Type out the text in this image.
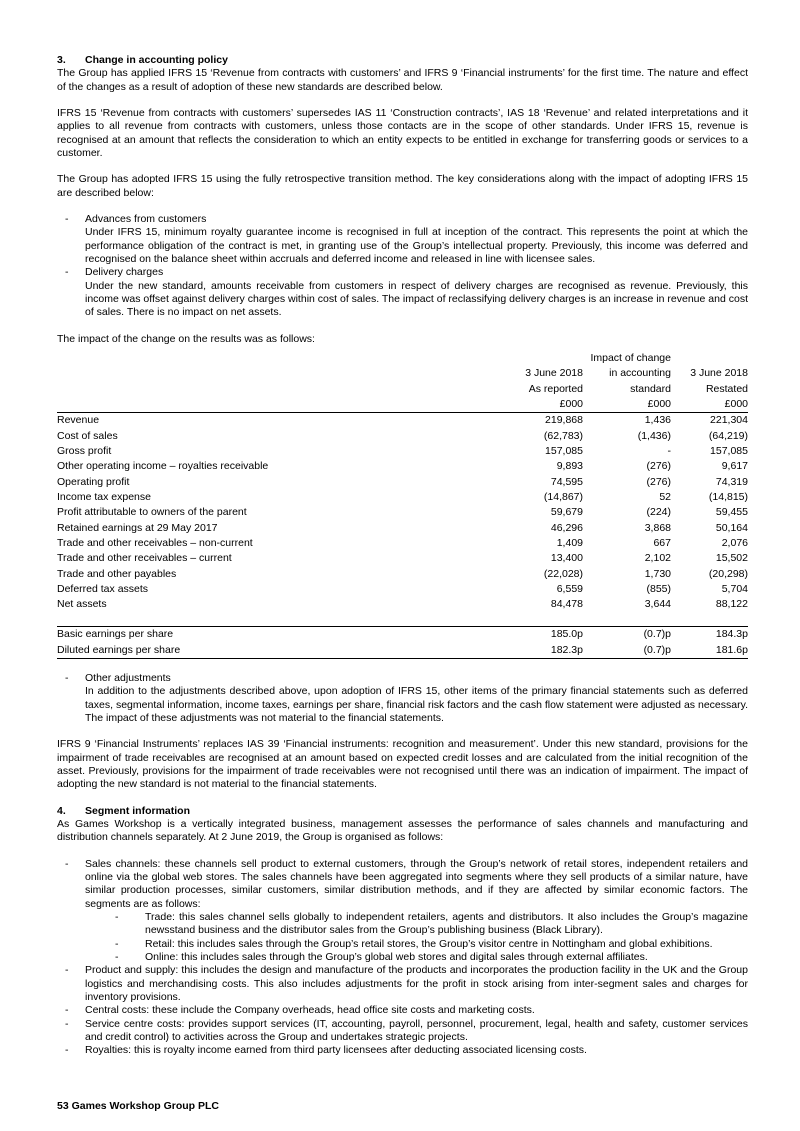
3.	Change in accounting policy

The Group has applied IFRS 15 ‘Revenue from contracts with customers’ and IFRS 9 ‘Financial instruments’ for the first time. The nature and effect of the changes as a result of adoption of these new standards are described below.

IFRS 15 ‘Revenue from contracts with customers’ supersedes IAS 11 ‘Construction contracts’, IAS 18 ‘Revenue’ and related interpretations and it applies to all revenue from contracts with customers, unless those contacts are in the scope of other standards. Under IFRS 15, revenue is recognised at an amount that reflects the consideration to which an entity expects to be entitled in exchange for transferring goods or services to a customer.

The Group has adopted IFRS 15 using the fully retrospective transition method. The key considerations along with the impact of adopting IFRS 15 are described below:

-	Advances from customers
Under IFRS 15, minimum royalty guarantee income is recognised in full at inception of the contract. This represents the point at which the performance obligation of the contract is met, in granting use of the Group’s intellectual property. Previously, this income was deferred and recognised on the balance sheet within accruals and deferred income and released in line with licensee sales.
-	Delivery charges
Under the new standard, amounts receivable from customers in respect of delivery charges are recognised as revenue. Previously, this income was offset against delivery charges within cost of sales. The impact of reclassifying delivery charges is an increase in revenue and cost of sales. There is no impact on net assets.

The impact of the change on the results was as follows:

		Impact of change	
	3 June 2018	in accounting	3 June 2018
	As reported	standard	Restated
	£000	£000	£000
Revenue	219,868	1,436	221,304
Cost of sales	(62,783)	(1,436)	(64,219)
Gross profit	157,085	-	157,085
Other operating income – royalties receivable	9,893	(276)	9,617
Operating profit	74,595	(276)	74,319
Income tax expense	(14,867)	52	(14,815)
Profit attributable to owners of the parent	59,679	(224)	59,455
Retained earnings at 29 May 2017	46,296	3,868	50,164
Trade and other receivables – non-current	1,409	667	2,076
Trade and other receivables – current	13,400	2,102	15,502
Trade and other payables	(22,028)	1,730	(20,298)
Deferred tax assets	6,559	(855)	5,704
Net assets	84,478	3,644	88,122

Basic earnings per share	185.0p	(0.7)p	184.3p
Diluted earnings per share	182.3p	(0.7)p	181.6p
-	Other adjustments
In addition to the adjustments described above, upon adoption of IFRS 15, other items of the primary financial statements such as deferred taxes, segmental information, income taxes, earnings per share, financial risk factors and the cash flow statement were adjusted as necessary. The impact of these adjustments was not material to the financial statements.

IFRS 9 ‘Financial Instruments’ replaces IAS 39 ‘Financial instruments: recognition and measurement’. Under this new standard, provisions for the impairment of trade receivables are recognised at an amount based on expected credit losses and are calculated from the initial recognition of the asset. Previously, provisions for the impairment of trade receivables were not recognised until there was an indication of impairment. The impact of adopting the new standard is not material to the financial statements.

4.	Segment information

As Games Workshop is a vertically integrated business, management assesses the performance of sales channels and manufacturing and distribution channels separately. At 2 June 2019, the Group is organised as follows:

-	Sales channels: these channels sell product to external customers, through the Group’s network of retail stores, independent retailers and online via the global web stores. The sales channels have been aggregated into segments where they sell products of a similar nature, have similar production processes, similar customers, similar distribution methods, and if they are affected by similar economic factors. The segments are as follows:
-	Trade: this sales channel sells globally to independent retailers, agents and distributors. It also includes the Group’s magazine newsstand business and the distributor sales from the Group’s publishing business (Black Library).
-	Retail: this includes sales through the Group’s retail stores, the Group’s visitor centre in Nottingham and global exhibitions.
-	Online: this includes sales through the Group’s global web stores and digital sales through external affiliates.
-	Product and supply: this includes the design and manufacture of the products and incorporates the production facility in the UK and the Group logistics and merchandising costs. This also includes adjustments for the profit in stock arising from inter-segment sales and charges for inventory provisions.
-	Central costs: these include the Company overheads, head office site costs and marketing costs.
-	Service centre costs: provides support services (IT, accounting, payroll, personnel, procurement, legal, health and safety, customer services and credit control) to activities across the Group and undertakes strategic projects.
-	Royalties: this is royalty income earned from third party licensees after deducting associated licensing costs.
53 Games Workshop Group PLC
